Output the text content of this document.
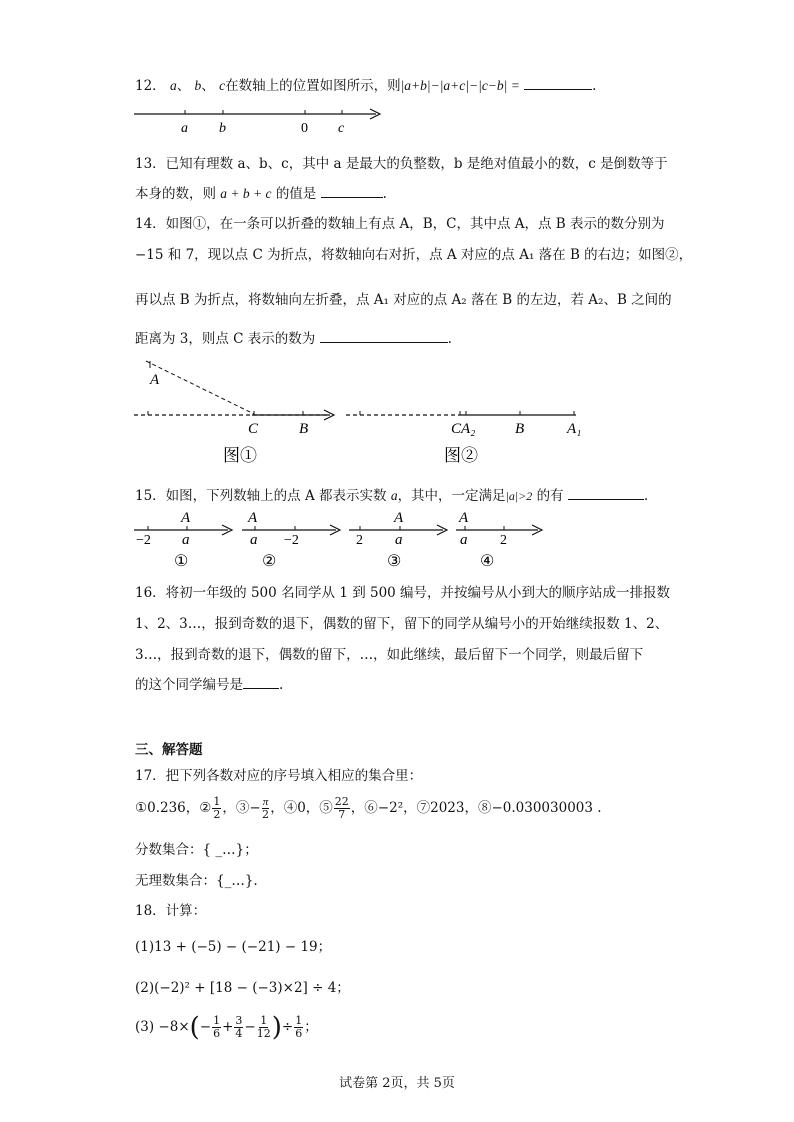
12． a、 b、 c在数轴上的位置如图所示，则|a+b|−|a+c|−|c−b| =	.
a b	0 c
13．已知有理数 a、b、c，其中 a 是最大的负整数，b 是绝对值最小的数，c 是倒数等于
本身的数，则 a + b + c 的值是	.
14．如图①，在一条可以折叠的数轴上有点 A，B，C，其中点 A，点 B 表示的数分别为
−15 和 7，现以点 C 为折点，将数轴向右对折，点 A 对应的点 A₁ 落在 B 的右边；如图②，
再以点 B 为折点，将数轴向左折叠，点 A₁ 对应的点 A₂ 落在 B 的左边，若 A₂、B 之间的
距离为 3，则点 C 表示的数为	.
A
C	B
图①
CA₂	B	A₁
图②
15．如图，下列数轴上的点 A 都表示实数 a，其中，一定满足|a|>2 的有	.
A
a
−2
①
A
a −2
②
A
a
2
③
A
a 2
④
16．将初一年级的 500 名同学从 1 到 500 编号，并按编号从小到大的顺序站成一排报数
1、2、3…，报到奇数的退下，偶数的留下，留下的同学从编号小的开始继续报数 1、2、
3…，报到奇数的退下，偶数的留下，…，如此继续，最后留下一个同学，则最后留下
的这个同学编号是	.
三、解答题
17．把下列各数对应的序号填入相应的集合里：
①0.236，② $\frac{1}{2}$ ，③− $\frac{\pi}{2}$ ，④0，⑤ $\frac{22}{7}$ ，⑥−2²，⑦2023，⑧−0.030030003 .
分数集合：{ _…}；
无理数集合：{_…}.
18．计算：
(1)13 + (−5) − (−21) − 19；
(2)(−2)² + [18 − (−3)×2] ÷ 4；
$(3) -8\times(- \frac{1}{6} + \frac{3}{4} - \frac{1}{12}$ )÷ $\frac{1}{6}$ ；
试卷第 2页，共 5页
